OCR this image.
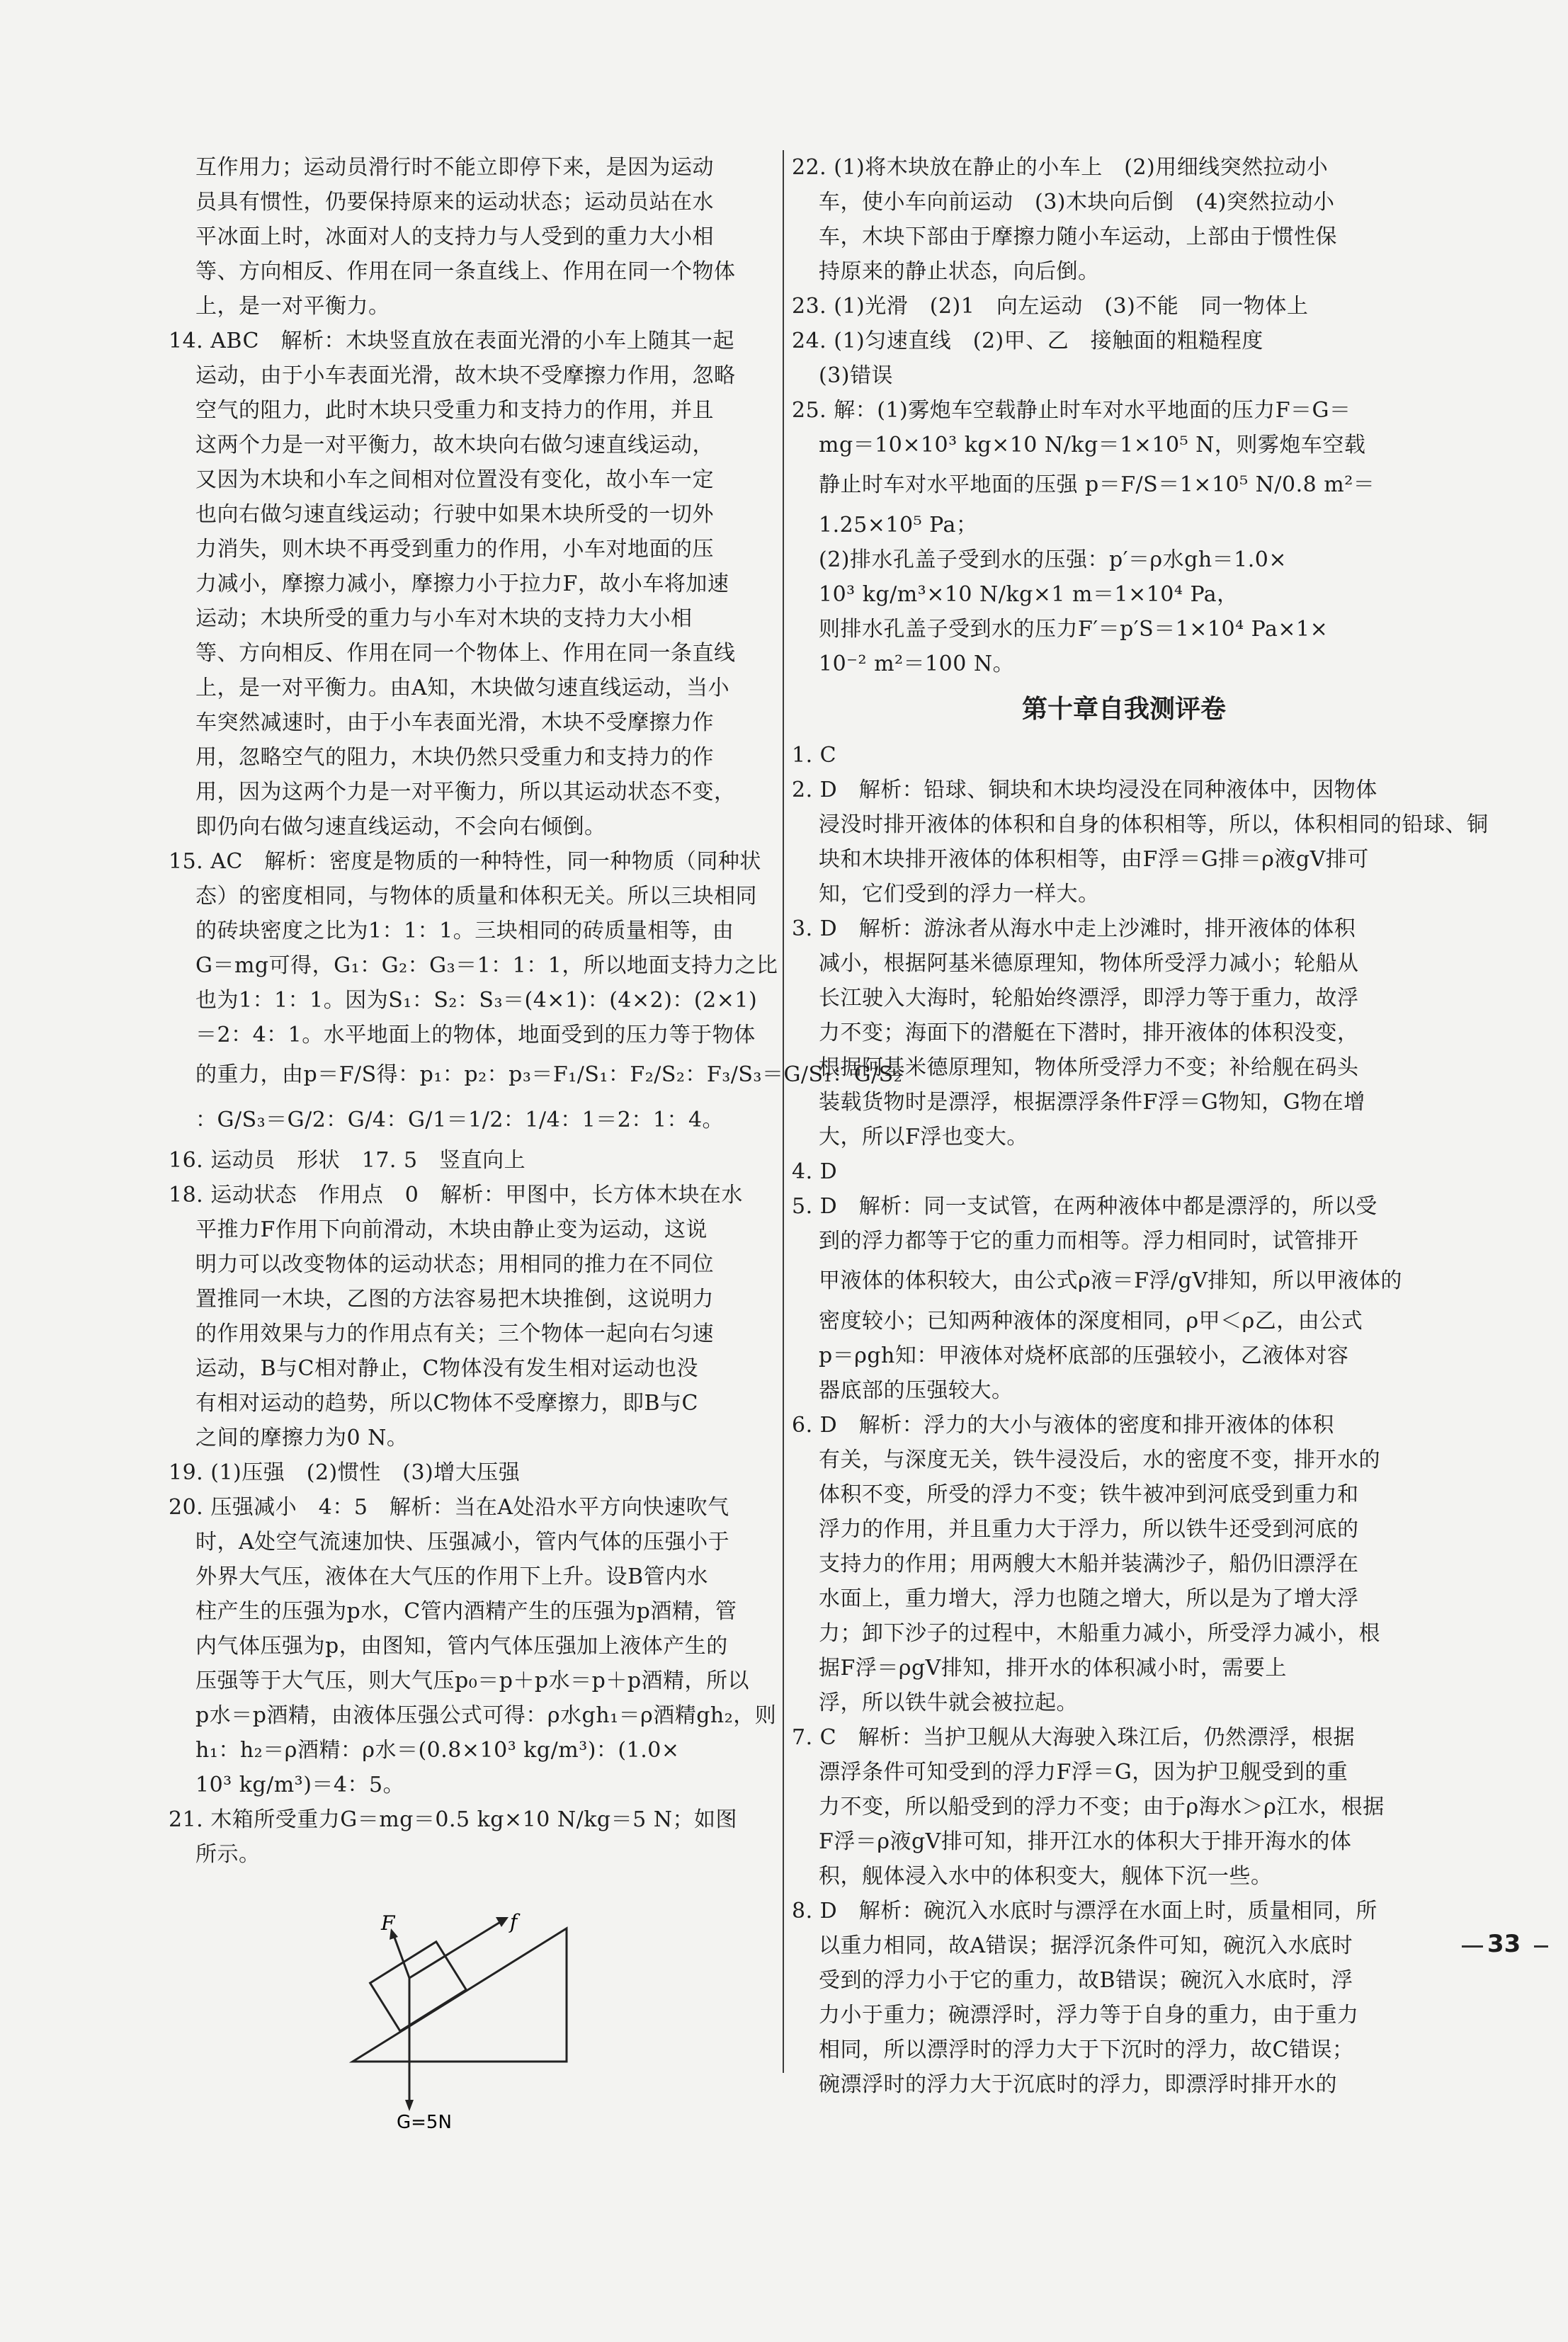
互作用力；运动员滑行时不能立即停下来，是因为运动
员具有惯性，仍要保持原来的运动状态；运动员站在水
平冰面上时，冰面对人的支持力与人受到的重力大小相
等、方向相反、作用在同一条直线上、作用在同一个物体
上，是一对平衡力。
14. ABC　解析：木块竖直放在表面光滑的小车上随其一起
运动，由于小车表面光滑，故木块不受摩擦力作用，忽略
空气的阻力，此时木块只受重力和支持力的作用，并且
这两个力是一对平衡力，故木块向右做匀速直线运动，
又因为木块和小车之间相对位置没有变化，故小车一定
也向右做匀速直线运动；行驶中如果木块所受的一切外
力消失，则木块不再受到重力的作用，小车对地面的压
力减小，摩擦力减小，摩擦力小于拉力F，故小车将加速
运动；木块所受的重力与小车对木块的支持力大小相
等、方向相反、作用在同一个物体上、作用在同一条直线
上，是一对平衡力。由A知，木块做匀速直线运动，当小
车突然减速时，由于小车表面光滑，木块不受摩擦力作
用，忽略空气的阻力，木块仍然只受重力和支持力的作
用，因为这两个力是一对平衡力，所以其运动状态不变，
即仍向右做匀速直线运动，不会向右倾倒。
15. AC　解析：密度是物质的一种特性，同一种物质（同种状
态）的密度相同，与物体的质量和体积无关。所以三块相同
的砖块密度之比为1：1：1。三块相同的砖质量相等，由
G＝mg可得，G₁：G₂：G₃＝1：1：1，所以地面支持力之比
也为1：1：1。因为S₁：S₂：S₃＝(4×1)：(4×2)：(2×1)
＝2：4：1。水平地面上的物体，地面受到的压力等于物体
的重力，由p＝F/S得：p₁：p₂：p₃＝F₁/S₁：F₂/S₂：F₃/S₃＝G/S₁：G/S₂
：G/S₃＝G/2：G/4：G/1＝1/2：1/4：1＝2：1：4。
16. 运动员　形状　17. 5　竖直向上
18. 运动状态　作用点　0　解析：甲图中，长方体木块在水
平推力F作用下向前滑动，木块由静止变为运动，这说
明力可以改变物体的运动状态；用相同的推力在不同位
置推同一木块，乙图的方法容易把木块推倒，这说明力
的作用效果与力的作用点有关；三个物体一起向右匀速
运动，B与C相对静止，C物体没有发生相对运动也没
有相对运动的趋势，所以C物体不受摩擦力，即B与C
之间的摩擦力为0 N。
19. (1)压强　(2)惯性　(3)增大压强
20. 压强减小　4：5　解析：当在A处沿水平方向快速吹气
时，A处空气流速加快、压强减小，管内气体的压强小于
外界大气压，液体在大气压的作用下上升。设B管内水
柱产生的压强为p水，C管内酒精产生的压强为p酒精，管
内气体压强为p，由图知，管内气体压强加上液体产生的
压强等于大气压，则大气压p₀＝p＋p水＝p＋p酒精，所以
p水＝p酒精，由液体压强公式可得：ρ水gh₁＝ρ酒精gh₂，则
h₁：h₂＝ρ酒精：ρ水＝(0.8×10³ kg/m³)：(1.0×
10³ kg/m³)＝4：5。
21. 木箱所受重力G＝mg＝0.5 kg×10 N/kg＝5 N；如图
所示。
F	f
G=5N
22. (1)将木块放在静止的小车上　(2)用细线突然拉动小
车，使小车向前运动　(3)木块向后倒　(4)突然拉动小
车，木块下部由于摩擦力随小车运动，上部由于惯性保
持原来的静止状态，向后倒。
23. (1)光滑　(2)1　向左运动　(3)不能　同一物体上
24. (1)匀速直线　(2)甲、乙　接触面的粗糙程度
(3)错误
25. 解：(1)雾炮车空载静止时车对水平地面的压力F＝G＝
mg＝10×10³ kg×10 N/kg＝1×10⁵ N，则雾炮车空载
静止时车对水平地面的压强 p＝F/S＝1×10⁵ N/0.8 m²＝
1.25×10⁵ Pa；
(2)排水孔盖子受到水的压强：p′＝ρ水gh＝1.0×
10³ kg/m³×10 N/kg×1 m＝1×10⁴ Pa，
则排水孔盖子受到水的压力F′＝p′S＝1×10⁴ Pa×1×
10⁻² m²＝100 N。
第十章自我测评卷
1. C
2. D　解析：铅球、铜块和木块均浸没在同种液体中，因物体
浸没时排开液体的体积和自身的体积相等，所以，体积相同的铅球、铜
块和木块排开液体的体积相等，由F浮＝G排＝ρ液gV排可
知，它们受到的浮力一样大。
3. D　解析：游泳者从海水中走上沙滩时，排开液体的体积
减小，根据阿基米德原理知，物体所受浮力减小；轮船从
长江驶入大海时，轮船始终漂浮，即浮力等于重力，故浮
力不变；海面下的潜艇在下潜时，排开液体的体积没变，
根据阿基米德原理知，物体所受浮力不变；补给舰在码头
装载货物时是漂浮，根据漂浮条件F浮＝G物知，G物在增
大，所以F浮也变大。
4. D
5. D　解析：同一支试管，在两种液体中都是漂浮的，所以受
到的浮力都等于它的重力而相等。浮力相同时，试管排开
甲液体的体积较大，由公式ρ液＝F浮/gV排知，所以甲液体的
密度较小；已知两种液体的深度相同，ρ甲＜ρ乙，由公式
p＝ρgh知：甲液体对烧杯底部的压强较小，乙液体对容
器底部的压强较大。
6. D　解析：浮力的大小与液体的密度和排开液体的体积
有关，与深度无关，铁牛浸没后，水的密度不变，排开水的
体积不变，所受的浮力不变；铁牛被冲到河底受到重力和
浮力的作用，并且重力大于浮力，所以铁牛还受到河底的
支持力的作用；用两艘大木船并装满沙子，船仍旧漂浮在
水面上，重力增大，浮力也随之增大，所以是为了增大浮
力；卸下沙子的过程中，木船重力减小，所受浮力减小，根
据F浮＝ρgV排知，排开水的体积减小时，需要上
浮，所以铁牛就会被拉起。
7. C　解析：当护卫舰从大海驶入珠江后，仍然漂浮，根据
漂浮条件可知受到的浮力F浮＝G，因为护卫舰受到的重
力不变，所以船受到的浮力不变；由于ρ海水＞ρ江水，根据
F浮＝ρ液gV排可知，排开江水的体积大于排开海水的体
积，舰体浸入水中的体积变大，舰体下沉一些。
8. D　解析：碗沉入水底时与漂浮在水面上时，质量相同，所
以重力相同，故A错误；据浮沉条件可知，碗沉入水底时
受到的浮力小于它的重力，故B错误；碗沉入水底时，浮
力小于重力；碗漂浮时，浮力等于自身的重力，由于重力
相同，所以漂浮时的浮力大于下沉时的浮力，故C错误；
碗漂浮时的浮力大于沉底时的浮力，即漂浮时排开水的
33
